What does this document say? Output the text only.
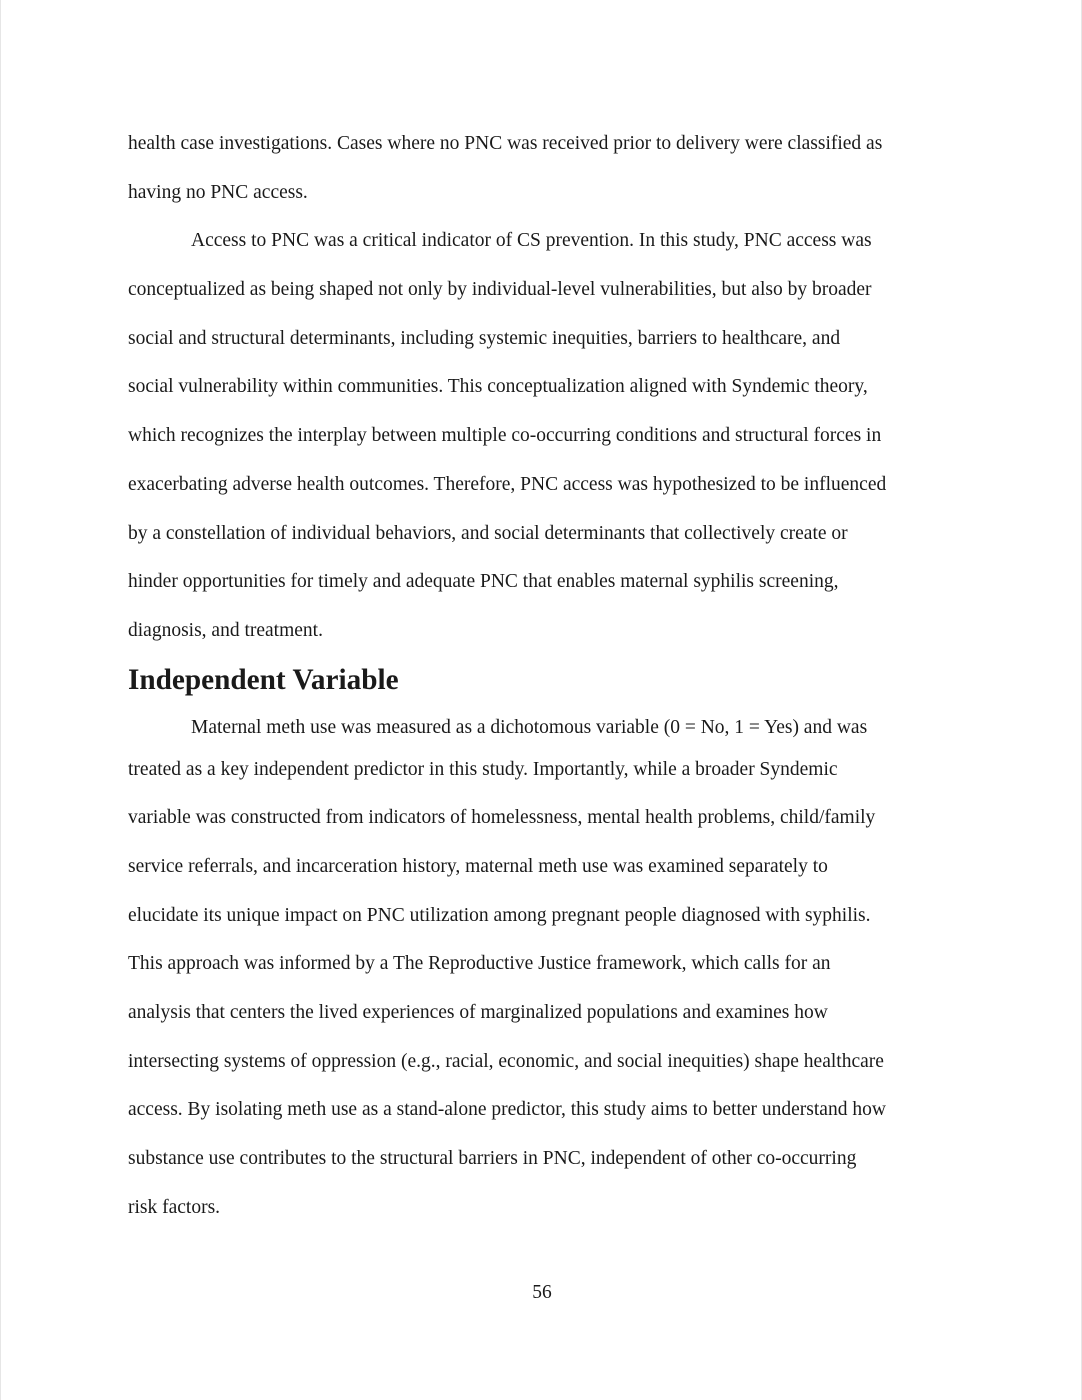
health case investigations. Cases where no PNC was received prior to delivery were classified as
having no PNC access.

Access to PNC was a critical indicator of CS prevention. In this study, PNC access was
conceptualized as being shaped not only by individual-level vulnerabilities, but also by broader
social and structural determinants, including systemic inequities, barriers to healthcare, and
social vulnerability within communities. This conceptualization aligned with Syndemic theory,
which recognizes the interplay between multiple co-occurring conditions and structural forces in
exacerbating adverse health outcomes. Therefore, PNC access was hypothesized to be influenced
by a constellation of individual behaviors, and social determinants that collectively create or
hinder opportunities for timely and adequate PNC that enables maternal syphilis screening,
diagnosis, and treatment.

Independent Variable

Maternal meth use was measured as a dichotomous variable (0 = No, 1 = Yes) and was
treated as a key independent predictor in this study. Importantly, while a broader Syndemic
variable was constructed from indicators of homelessness, mental health problems, child/family
service referrals, and incarceration history, maternal meth use was examined separately to
elucidate its unique impact on PNC utilization among pregnant people diagnosed with syphilis.
This approach was informed by a The Reproductive Justice framework, which calls for an
analysis that centers the lived experiences of marginalized populations and examines how
intersecting systems of oppression (e.g., racial, economic, and social inequities) shape healthcare
access. By isolating meth use as a stand-alone predictor, this study aims to better understand how
substance use contributes to the structural barriers in PNC, independent of other co-occurring
risk factors.

56
